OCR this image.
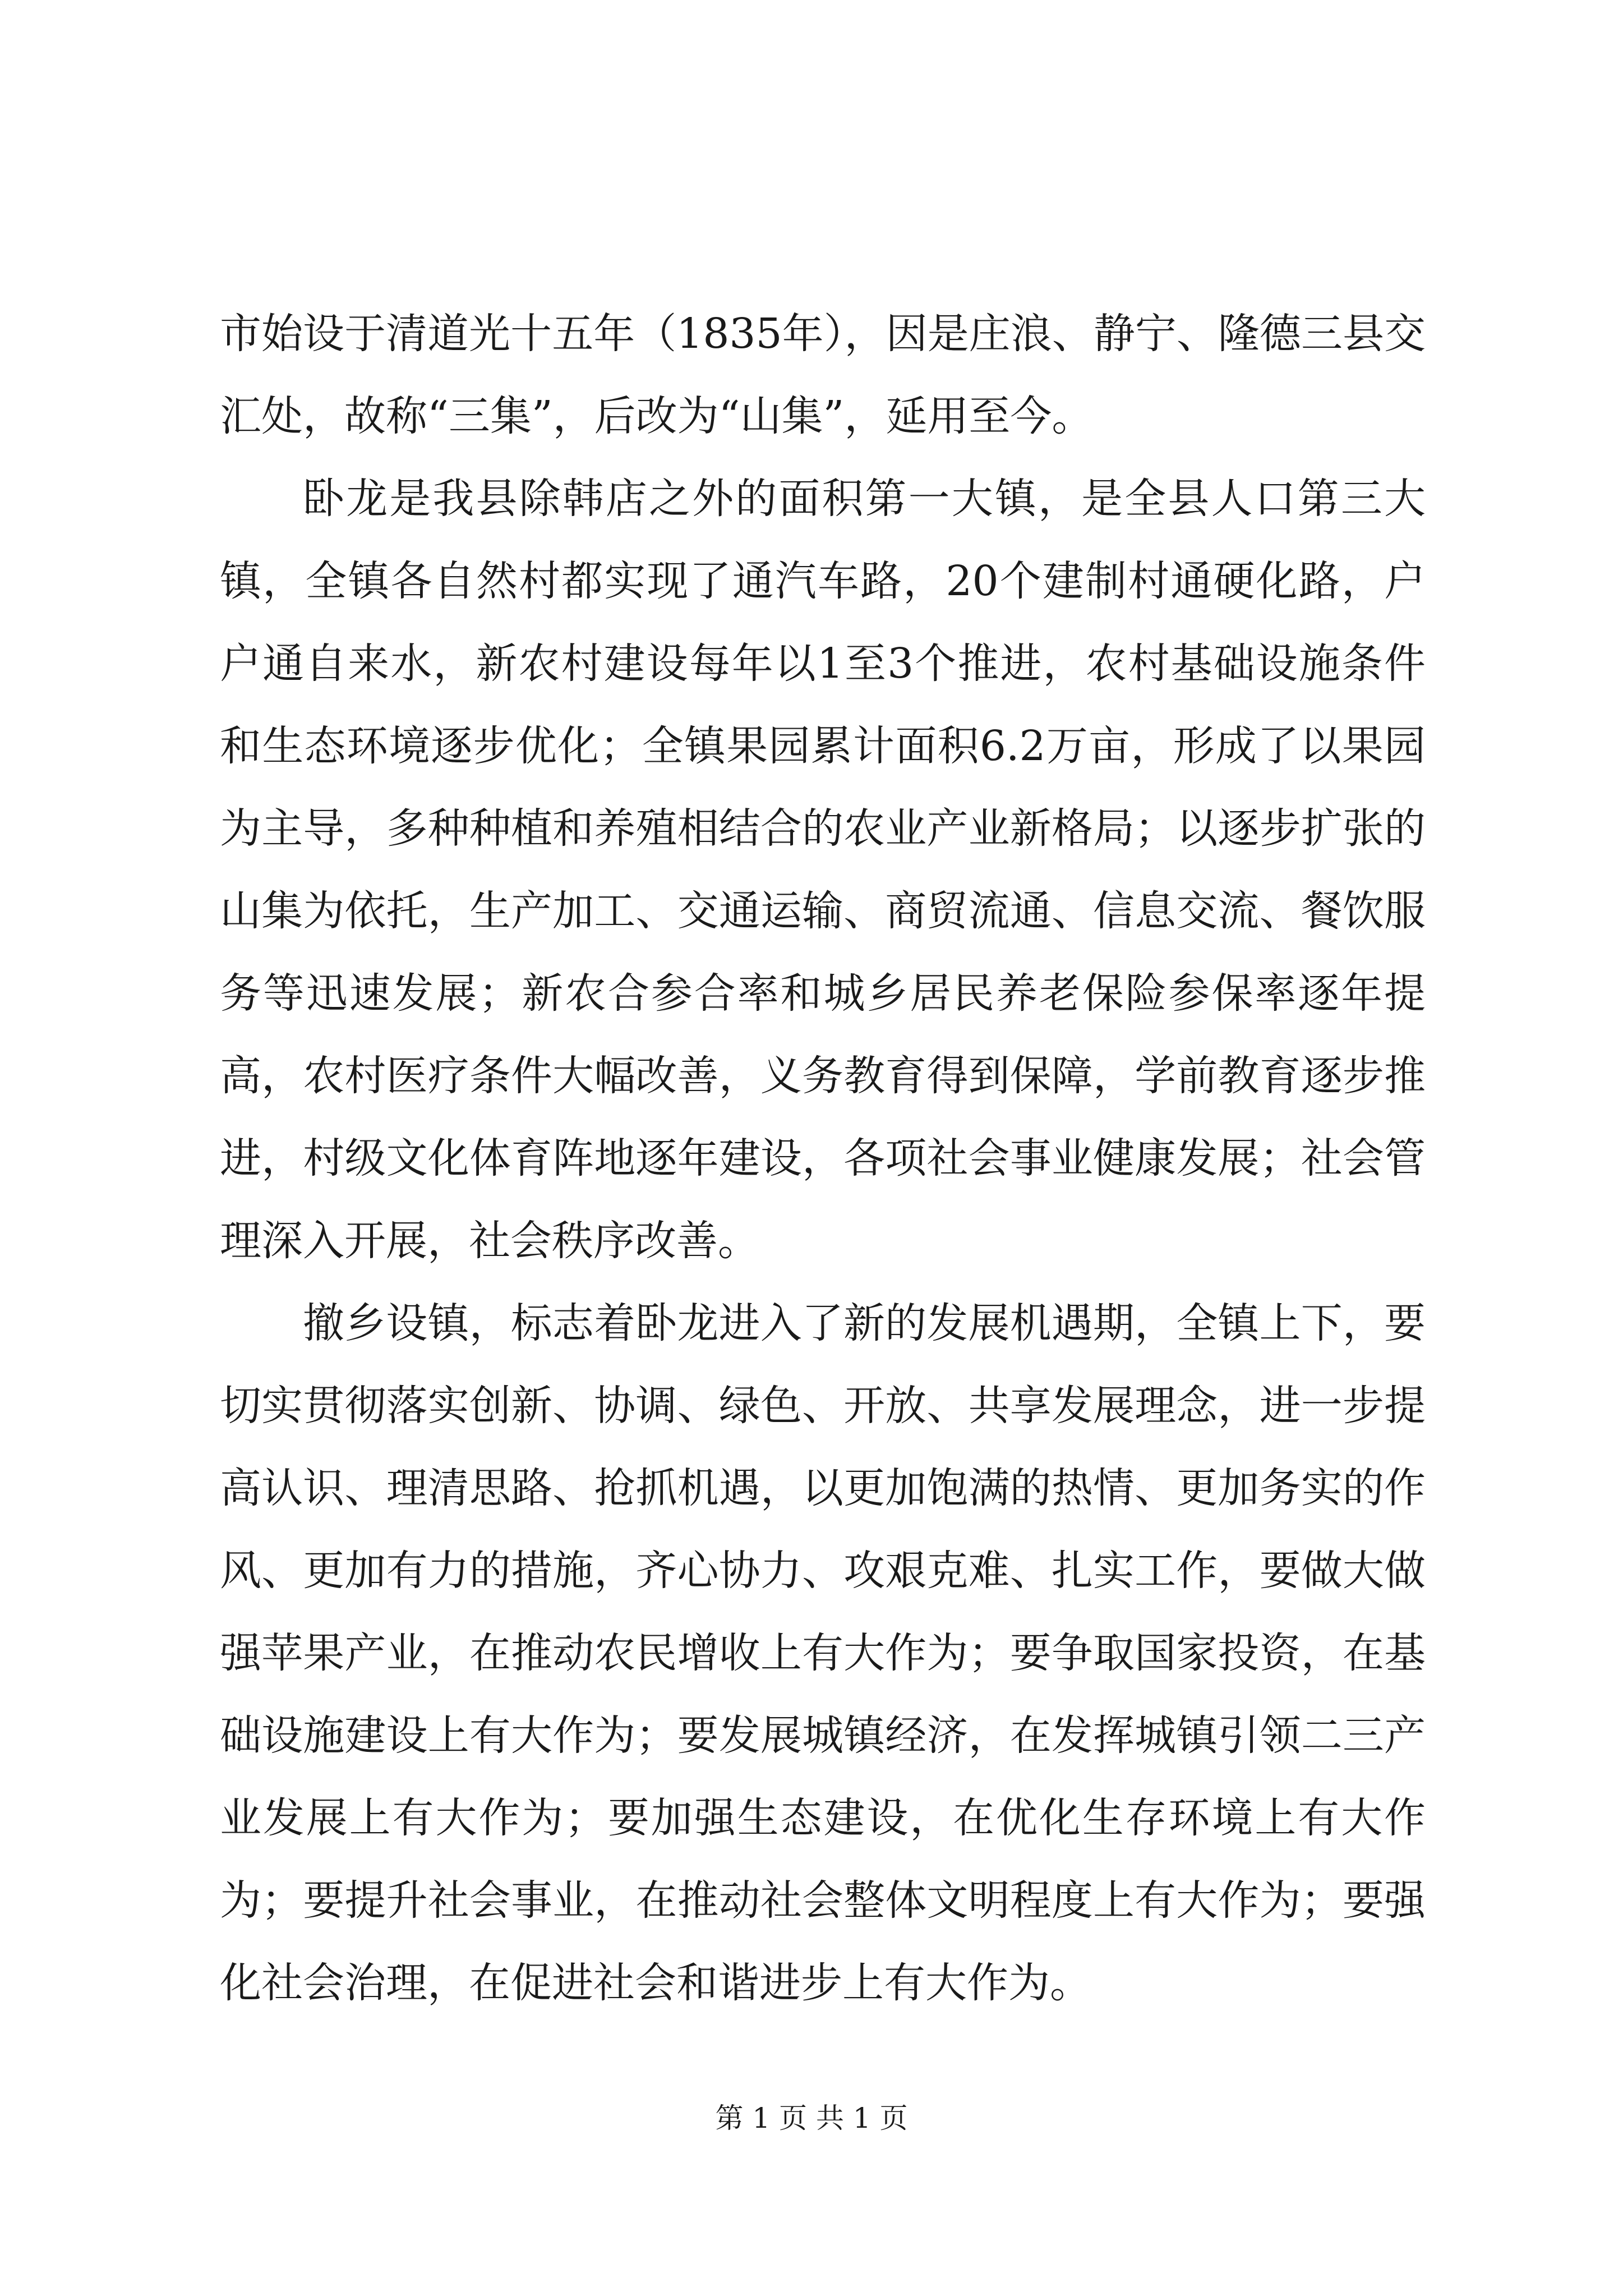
市始设于清道光十五年（1835年），因是庄浪、静宁、隆德三县交汇处，故称“三集”，后改为“山集”，延用至今。

卧龙是我县除韩店之外的面积第一大镇，是全县人口第三大镇，全镇各自然村都实现了通汽车路，20个建制村通硬化路，户户通自来水，新农村建设每年以1至3个推进，农村基础设施条件和生态环境逐步优化；全镇果园累计面积6.2万亩，形成了以果园为主导，多种种植和养殖相结合的农业产业新格局；以逐步扩张的山集为依托，生产加工、交通运输、商贸流通、信息交流、餐饮服务等迅速发展；新农合参合率和城乡居民养老保险参保率逐年提高，农村医疗条件大幅改善，义务教育得到保障，学前教育逐步推进，村级文化体育阵地逐年建设，各项社会事业健康发展；社会管理深入开展，社会秩序改善。

撤乡设镇，标志着卧龙进入了新的发展机遇期，全镇上下，要切实贯彻落实创新、协调、绿色、开放、共享发展理念，进一步提高认识、理清思路、抢抓机遇，以更加饱满的热情、更加务实的作风、更加有力的措施，齐心协力、攻艰克难、扎实工作，要做大做强苹果产业，在推动农民增收上有大作为；要争取国家投资，在基础设施建设上有大作为；要发展城镇经济，在发挥城镇引领二三产业发展上有大作为；要加强生态建设，在优化生存环境上有大作为；要提升社会事业，在推动社会整体文明程度上有大作为；要强化社会治理，在促进社会和谐进步上有大作为。

第 1 页 共 1 页
